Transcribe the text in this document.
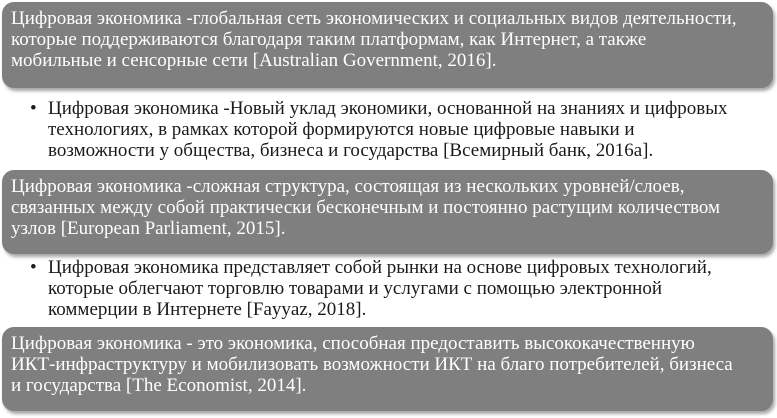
Цифровая экономика -глобальная сеть экономических и социальных видов деятельности,
которые поддерживаются благодаря таким платформам, как Интернет, а также
мобильные и сенсорные сети [Australian Government, 2016].
• Цифровая экономика -Новый уклад экономики, основанной на знаниях и цифровых
технологиях, в рамках которой формируются новые цифровые навыки и
возможности у общества, бизнеса и государства [Всемирный банк, 2016а].
Цифровая экономика -сложная структура, состоящая из нескольких уровней/слоев,
связанных между собой практически бесконечным и постоянно растущим количеством
узлов [European Parliament, 2015].
• Цифровая экономика представляет собой рынки на основе цифровых технологий,
которые облегчают торговлю товарами и услугами с помощью электронной
коммерции в Интернете [Fayyaz, 2018].
Цифровая экономика - это экономика, способная предоставить высококачественную
ИКТ-инфраструктуру и мобилизовать возможности ИКТ на благо потребителей, бизнеса
и государства [The Economist, 2014].
